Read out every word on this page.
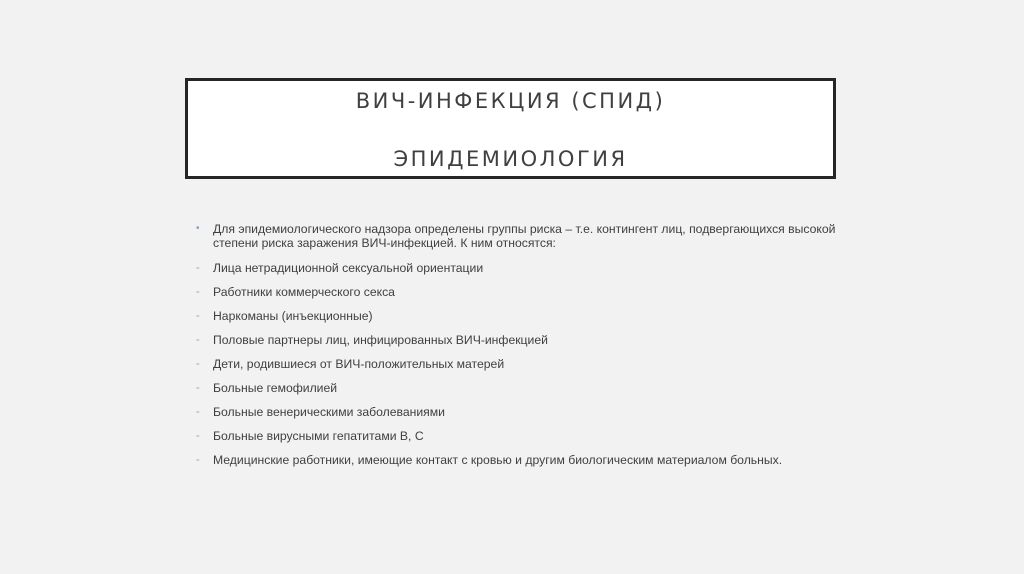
ВИЧ-ИНФЕКЦИЯ (СПИД)
ЭПИДЕМИОЛОГИЯ
•	Для эпидемиологического надзора определены группы риска – т.е. контингент лиц, подвергающихся высокой степени риска заражения ВИЧ-инфекцией. К ним относятся:
-	Лица нетрадиционной сексуальной ориентации
-	Работники коммерческого секса
-	Наркоманы (инъекционные)
-	Половые партнеры лиц, инфицированных ВИЧ-инфекцией
-	Дети, родившиеся от ВИЧ-положительных матерей
-	Больные гемофилией
-	Больные венерическими заболеваниями
-	Больные вирусными гепатитами В, С
-	Медицинские работники, имеющие контакт с кровью и другим биологическим материалом больных.
